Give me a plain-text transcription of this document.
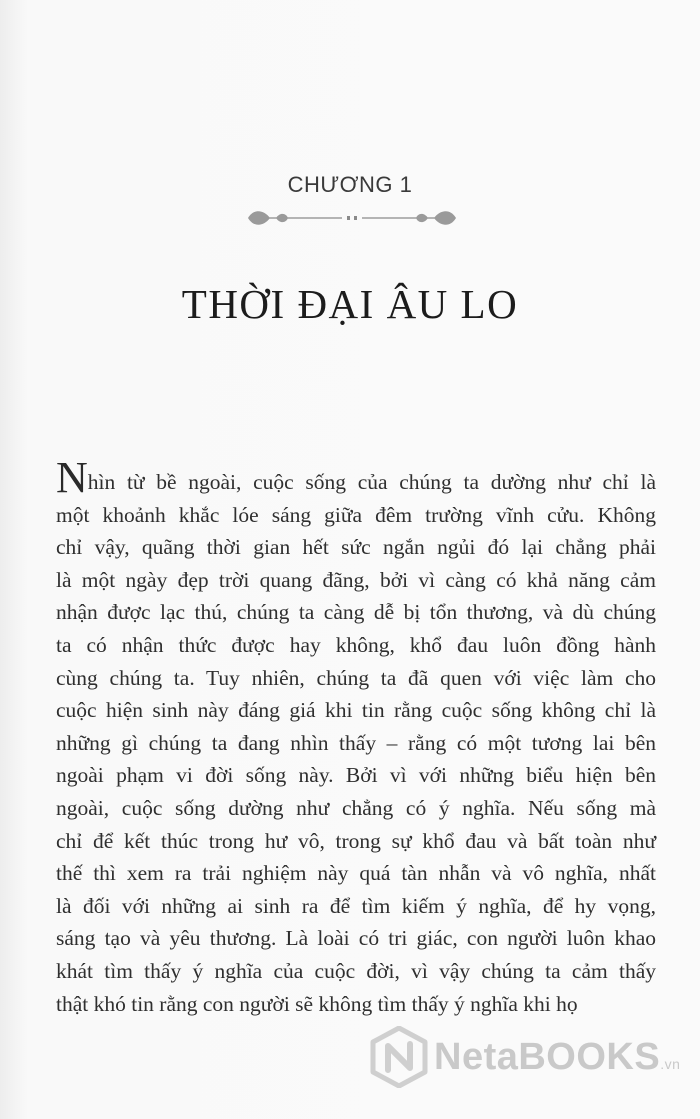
CHƯƠNG 1
THỜI ĐẠI ÂU LO
Nhìn từ bề ngoài, cuộc sống của chúng ta dường như chỉ là
một khoảnh khắc lóe sáng giữa đêm trường vĩnh cửu. Không
chỉ vậy, quãng thời gian hết sức ngắn ngủi đó lại chẳng phải
là một ngày đẹp trời quang đãng, bởi vì càng có khả năng cảm
nhận được lạc thú, chúng ta càng dễ bị tổn thương, và dù chúng
ta có nhận thức được hay không, khổ đau luôn đồng hành
cùng chúng ta. Tuy nhiên, chúng ta đã quen với việc làm cho
cuộc hiện sinh này đáng giá khi tin rằng cuộc sống không chỉ là
những gì chúng ta đang nhìn thấy – rằng có một tương lai bên
ngoài phạm vi đời sống này. Bởi vì với những biểu hiện bên
ngoài, cuộc sống dường như chẳng có ý nghĩa. Nếu sống mà
chỉ để kết thúc trong hư vô, trong sự khổ đau và bất toàn như
thế thì xem ra trải nghiệm này quá tàn nhẫn và vô nghĩa, nhất
là đối với những ai sinh ra để tìm kiếm ý nghĩa, để hy vọng,
sáng tạo và yêu thương. Là loài có tri giác, con người luôn khao
khát tìm thấy ý nghĩa của cuộc đời, vì vậy chúng ta cảm thấy
thật khó tin rằng con người sẽ không tìm thấy ý nghĩa khi họ
NetaBOOKS.vn
